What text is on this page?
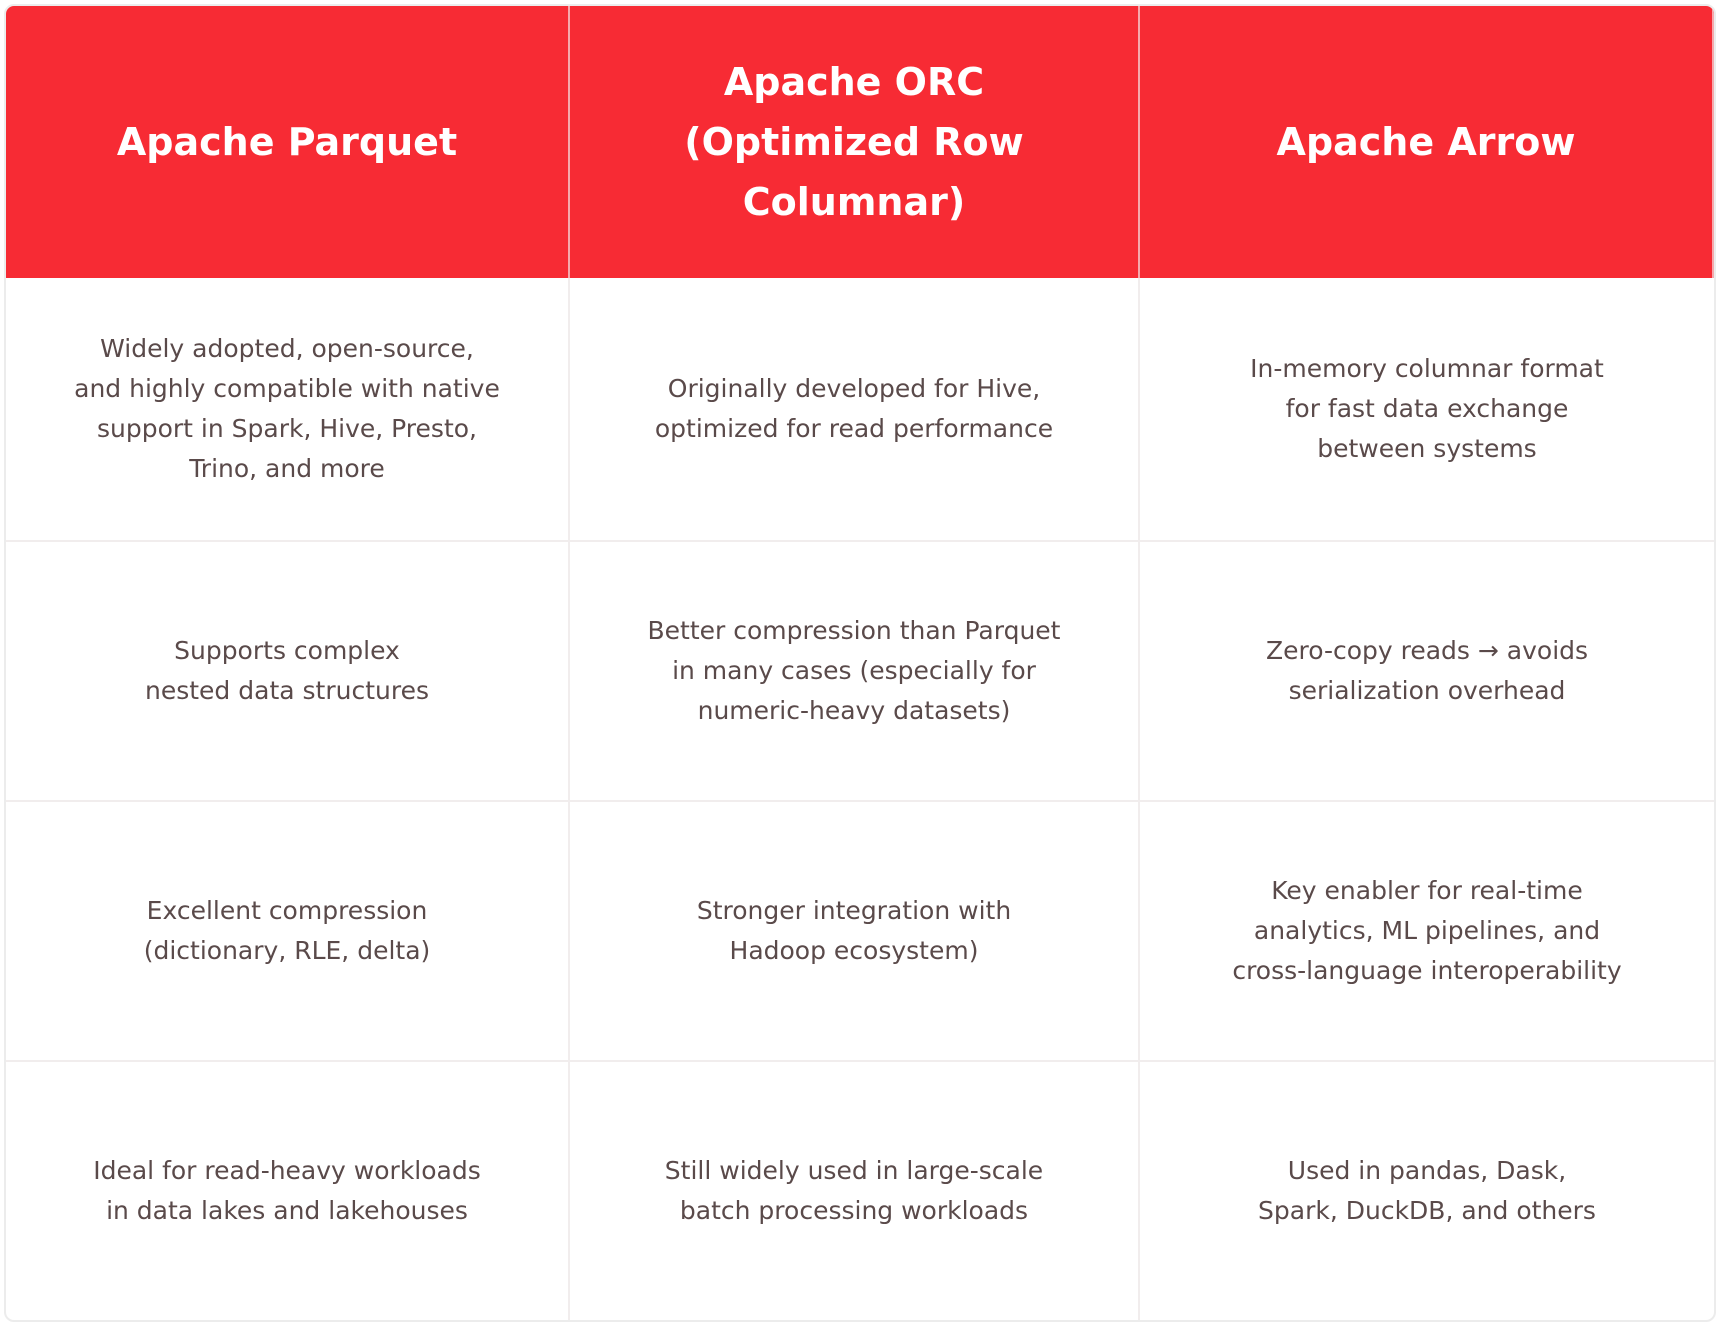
Apache Parquet
Apache ORC
(Optimized Row
Columnar)
Apache Arrow
Widely adopted, open-source,
and highly compatible with native
support in Spark, Hive, Presto,
Trino, and more
Originally developed for Hive,
optimized for read performance
In-memory columnar format
for fast data exchange
between systems
Supports complex
nested data structures
Better compression than Parquet
in many cases (especially for
numeric-heavy datasets)
Zero-copy reads → avoids
serialization overhead
Excellent compression
(dictionary, RLE, delta)
Stronger integration with
Hadoop ecosystem)
Key enabler for real-time
analytics, ML pipelines, and
cross-language interoperability
Ideal for read-heavy workloads
in data lakes and lakehouses
Still widely used in large-scale
batch processing workloads
Used in pandas, Dask,
Spark, DuckDB, and others
